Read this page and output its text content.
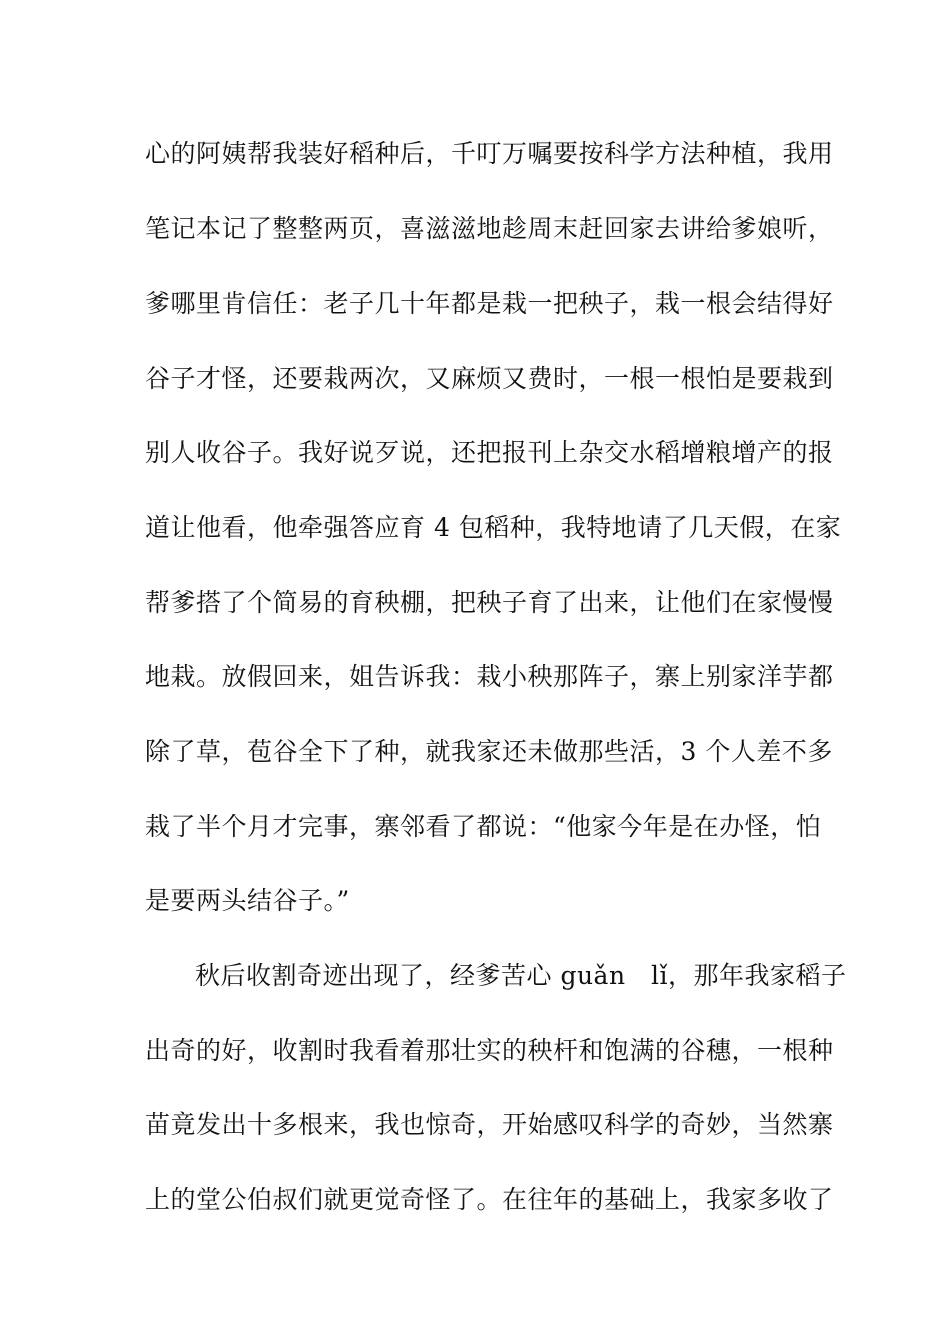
心的阿姨帮我装好稻种后，千叮万嘱要按科学方法种植，我用

笔记本记了整整两页，喜滋滋地趁周末赶回家去讲给爹娘听，

爹哪里肯信任：老子几十年都是栽一把秧子，栽一根会结得好

谷子才怪，还要栽两次，又麻烦又费时，一根一根怕是要栽到

别人收谷子。我好说歹说，还把报刊上杂交水稻增粮增产的报

道让他看，他牵强答应育 4 包稻种，我特地请了几天假，在家

帮爹搭了个简易的育秧棚，把秧子育了出来，让他们在家慢慢

地栽。放假回来，姐告诉我：栽小秧那阵子，寨上别家洋芋都

除了草，苞谷全下了种，就我家还未做那些活，3 个人差不多

栽了半个月才完事，寨邻看了都说：“他家今年是在办怪，怕

是要两头结谷子。”

秋后收割奇迹出现了，经爹苦心 guǎn　lǐ，那年我家稻子

出奇的好，收割时我看着那壮实的秧杆和饱满的谷穗，一根种

苗竟发出十多根来，我也惊奇，开始感叹科学的奇妙，当然寨

上的堂公伯叔们就更觉奇怪了。在往年的基础上，我家多收了
